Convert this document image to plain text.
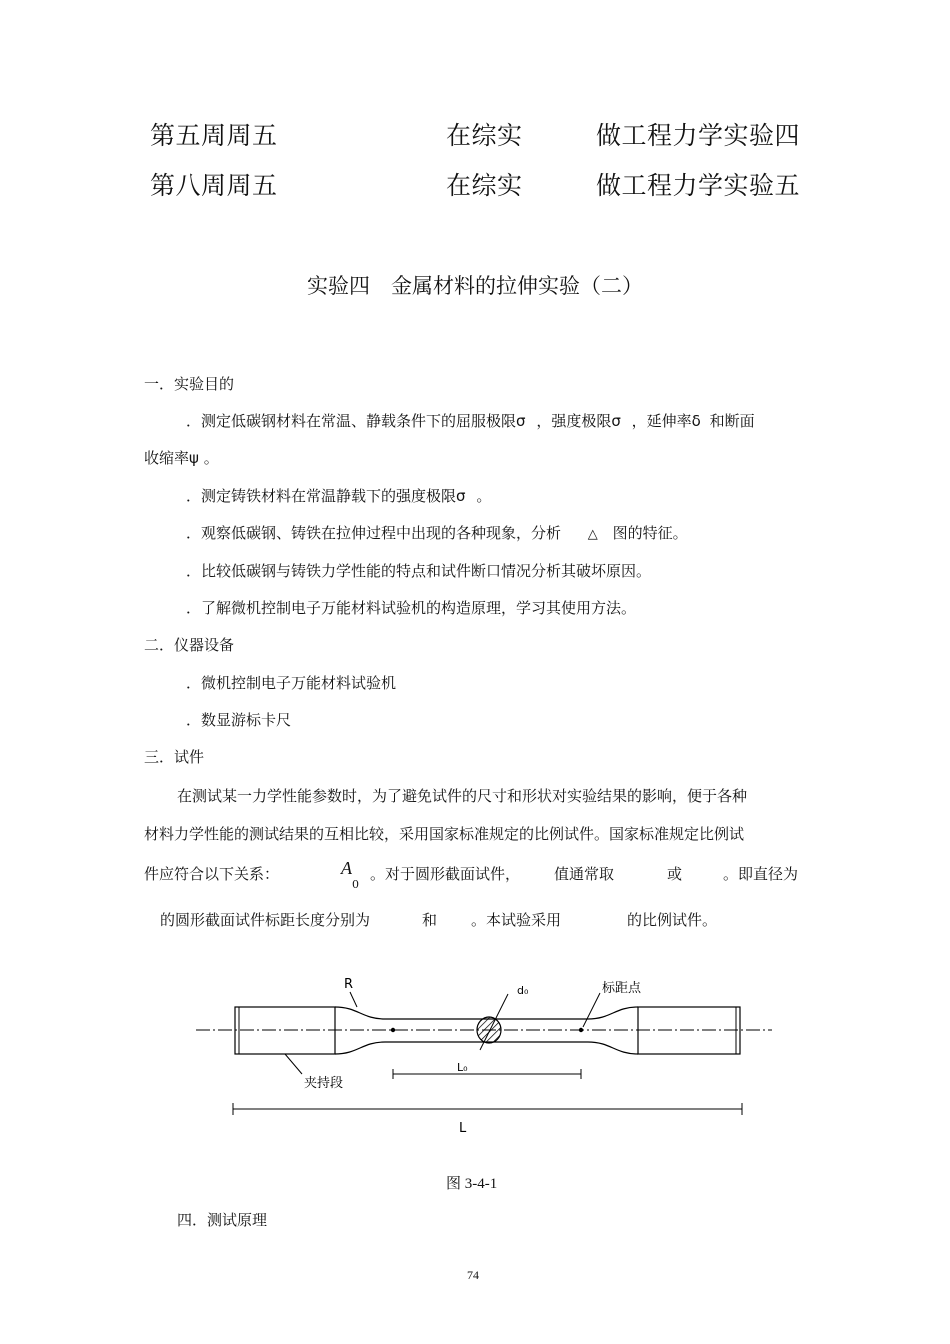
第五周周五	在综实	做工程力学实验四
第八周周五	在综实	做工程力学实验五
实验四　金属材料的拉伸实验（二）
一．实验目的
．测定低碳钢材料在常温、静载条件下的屈服极限σ ，强度极限σ ，延伸率δ 和断面
收缩率ψ 。
．测定铸铁材料在常温静载下的强度极限σ 。
．观察低碳钢、铸铁在拉伸过程中出现的各种现象，分析 △ 图的特征。
．比较低碳钢与铸铁力学性能的特点和试件断口情况分析其破坏原因。
．了解微机控制电子万能材料试验机的构造原理，学习其使用方法。
二．仪器设备
．微机控制电子万能材料试验机
．数显游标卡尺
三．试件
在测试某一力学性能参数时，为了避免试件的尺寸和形状对实验结果的影响，便于各种
材料力学性能的测试结果的互相比较，采用国家标准规定的比例试件。国家标准规定比例试
件应符合以下关系：	A
0
。对于圆形截面试件， 值通常取	或	。即直径为
的圆形截面试件标距长度分别为	和 。本试验采用	的比例试件。
R	d₀	标距点
夹持段
L₀
L
图 3-4-1
四．测试原理
74
